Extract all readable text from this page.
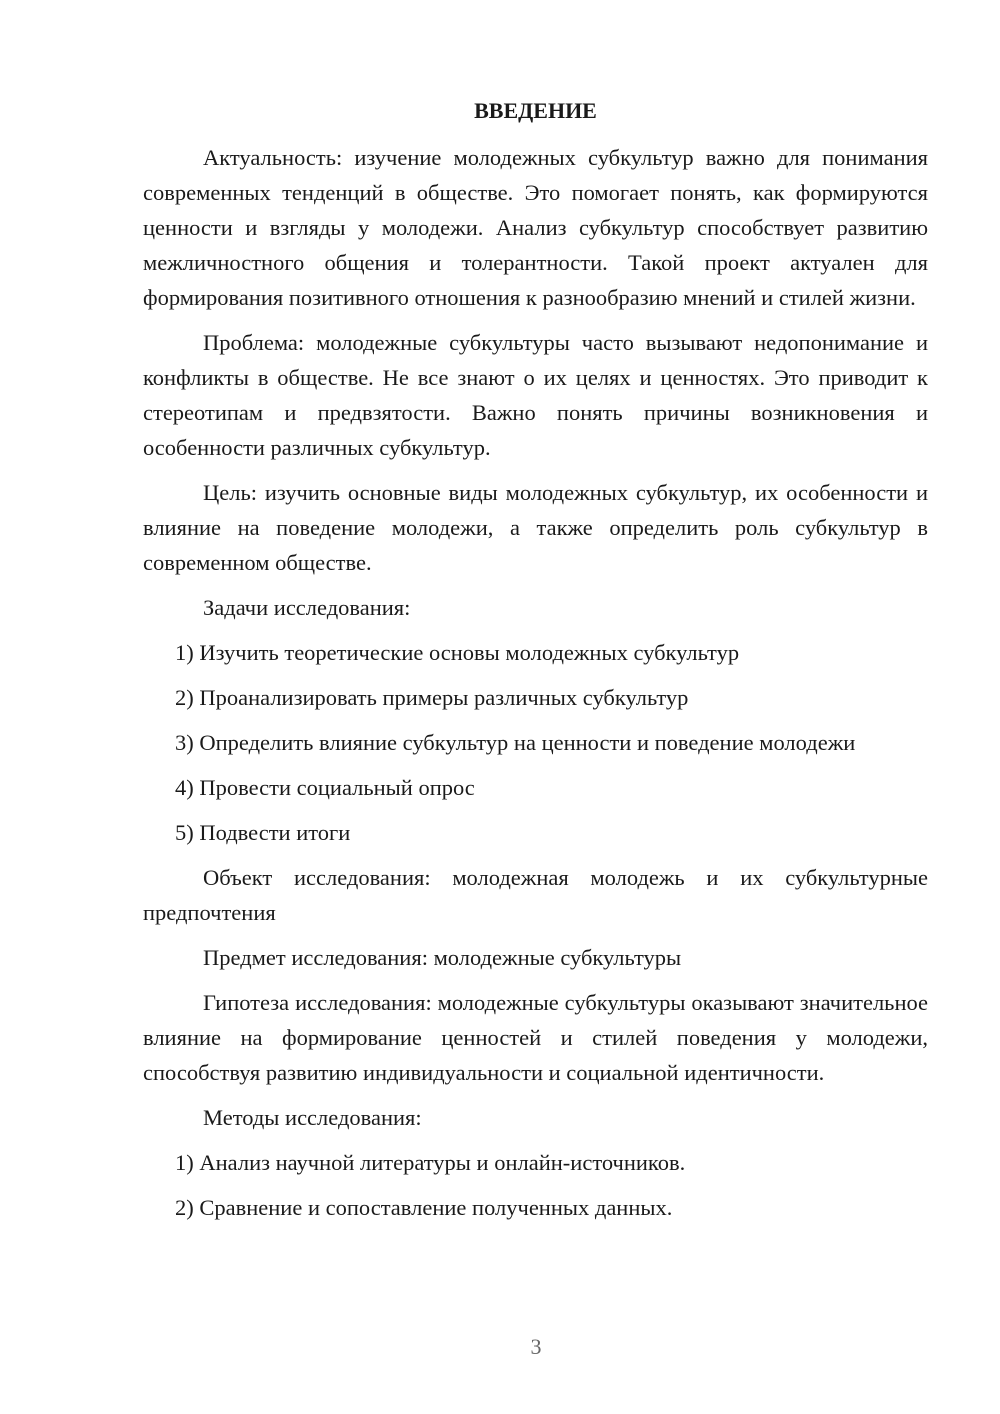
ВВЕДЕНИЕ

Актуальность: изучение молодежных субкультур важно для понимания современных тенденций в обществе. Это помогает понять, как формируются ценности и взгляды у молодежи. Анализ субкультур способствует развитию межличностного общения и толерантности. Такой проект актуален для формирования позитивного отношения к разнообразию мнений и стилей жизни.

Проблема: молодежные субкультуры часто вызывают недопонимание и конфликты в обществе. Не все знают о их целях и ценностях. Это приводит к стереотипам и предвзятости. Важно понять причины возникновения и особенности различных субкультур.

Цель: изучить основные виды молодежных субкультур, их особенности и влияние на поведение молодежи, а также определить роль субкультур в современном обществе.

Задачи исследования:

1) Изучить теоретические основы молодежных субкультур
2) Проанализировать примеры различных субкультур
3) Определить влияние субкультур на ценности и поведение молодежи
4) Провести социальный опрос
5) Подвести итоги

Объект исследования: молодежная молодежь и их субкультурные предпочтения

Предмет исследования: молодежные субкультуры

Гипотеза исследования: молодежные субкультуры оказывают значительное влияние на формирование ценностей и стилей поведения у молодежи, способствуя развитию индивидуальности и социальной идентичности.

Методы исследования:

1) Анализ научной литературы и онлайн-источников.
2) Сравнение и сопоставление полученных данных.
3
